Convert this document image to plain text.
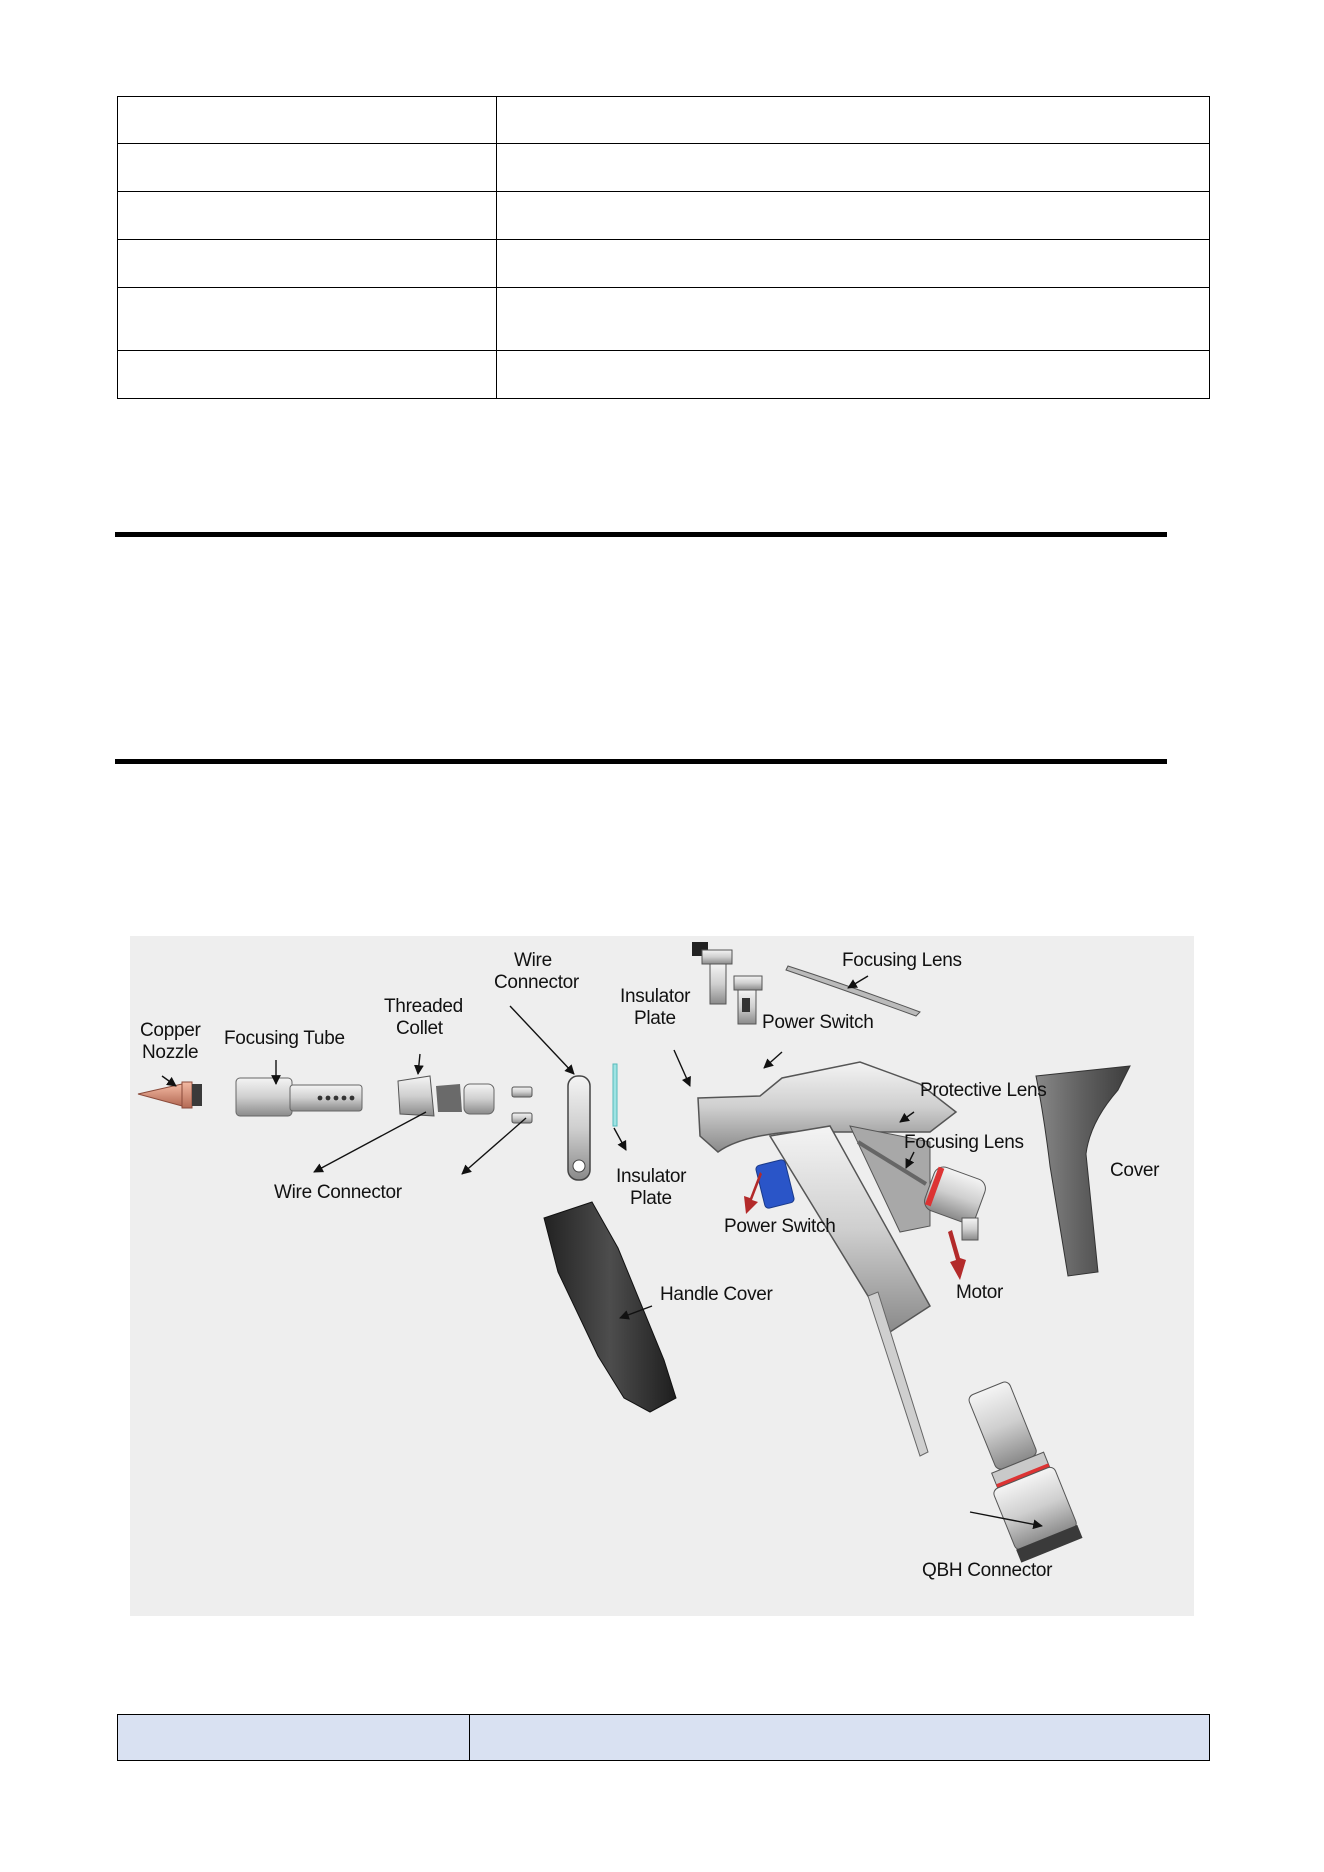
Copper
Nozzle
Focusing Tube
Threaded
Collet
Wire
Connector
Insulator
Plate	Power Switch
Focusing Lens
Protective Lens
Focusing Lens
Cover
Wire Connector
Insulator
Plate
Power Switch
Motor
Handle Cover
QBH Connector
